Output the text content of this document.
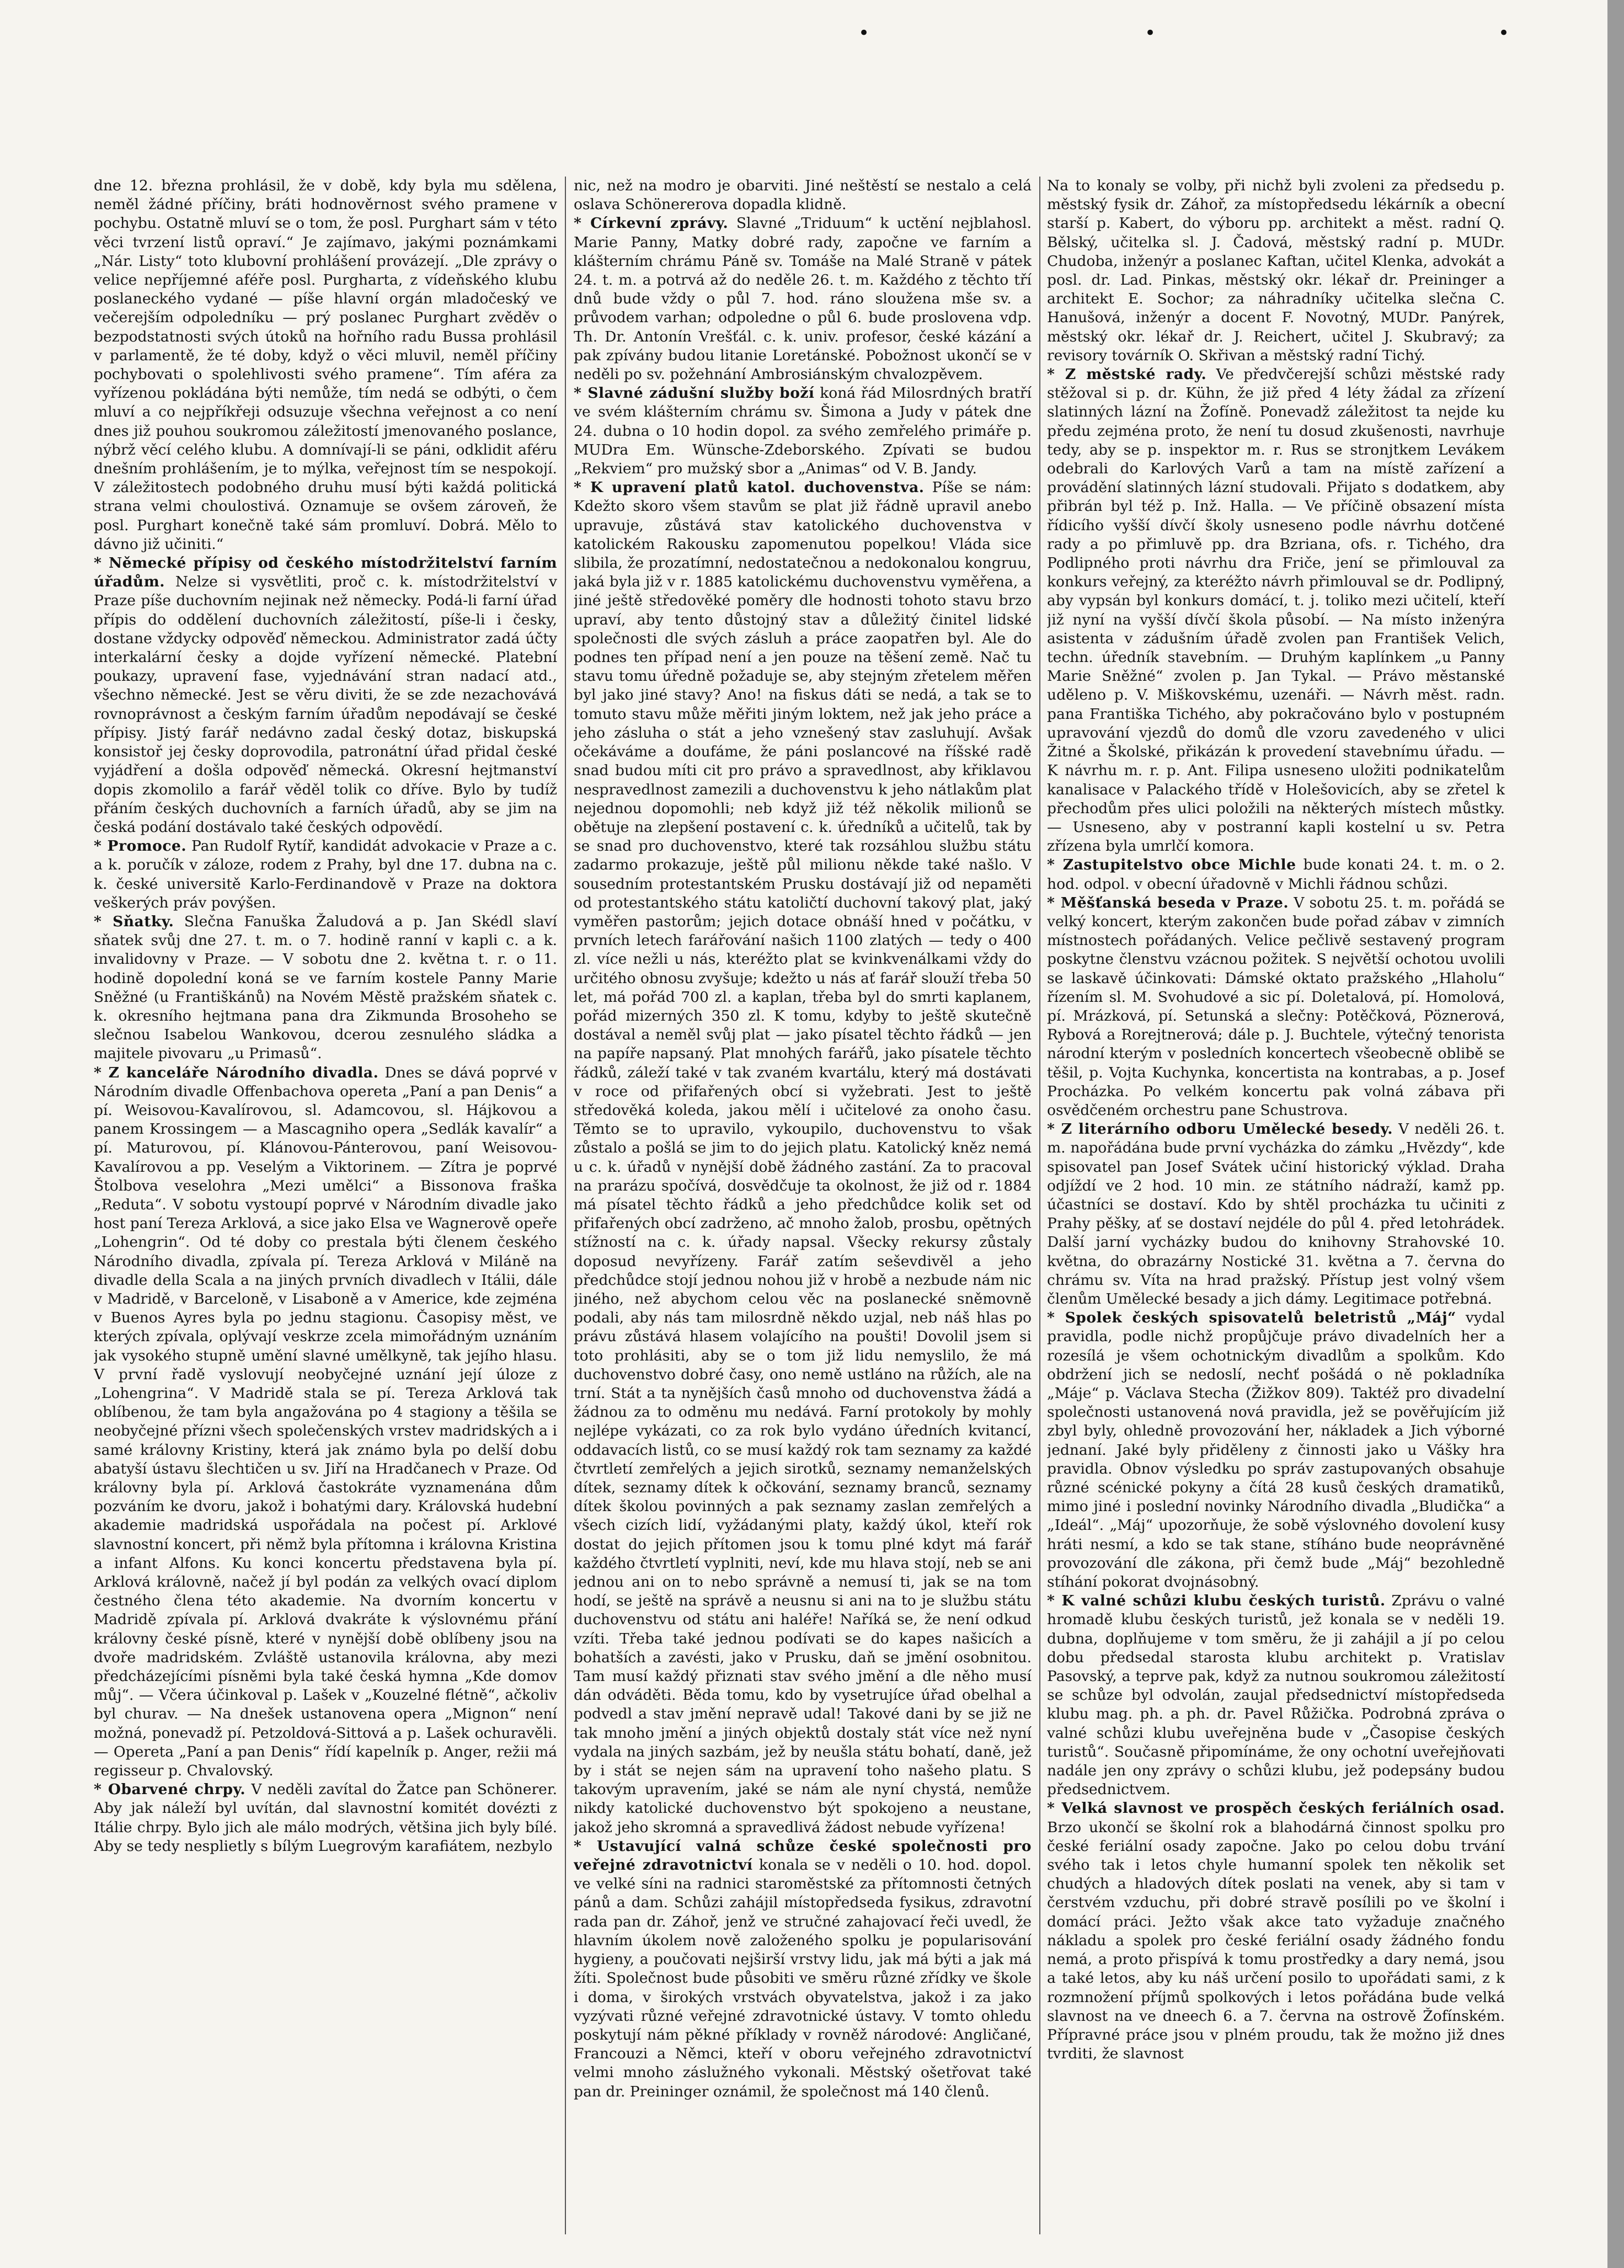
•	•	•

dne 12. března prohlásil, že v době, kdy byla mu sdělena, neměl žádné příčiny, bráti hodnověrnost svého pramene v pochybu. Ostatně mluví se o tom, že posl. Purghart sám v této věci tvrzení listů opraví.“ Je zajímavo, jakými poznámkami „Nár. Listy“ toto klubovní prohlášení provázejí. „Dle zprávy o velice nepříjemné aféře posl. Purgharta, z vídeňského klubu poslaneckého vydané — píše hlavní orgán mladočeský ve večerejším odpoledníku — prý poslanec Purghart zvěděv o bezpodstatnosti svých útoků na hořního radu Bussa prohlásil v parlamentě, že té doby, když o věci mluvil, neměl příčiny pochybovati o spolehlivosti svého pramene“. Tím aféra za vyřízenou pokládána býti nemůže, tím nedá se odbýti, o čem mluví a co nejpříkřeji odsuzuje všechna veřejnost a co není dnes již pouhou soukromou záležitostí jmenovaného poslance, nýbrž věcí celého klubu. A domnívají-li se páni, odklidit aféru dnešním prohlášením, je to mýlka, veřejnost tím se nespokojí. V záležitostech podobného druhu musí býti každá politická strana velmi choulostivá. Oznamuje se ovšem zároveň, že posl. Purghart konečně také sám promluví. Dobrá. Mělo to dávno již učiniti.“

* Německé přípisy od českého místodržitelství farním úřadům. Nelze si vysvětliti, proč c. k. místodržitelství v Praze píše duchovním nejinak než německy. Podá-li farní úřad přípis do oddělení duchovních záležitostí, píše-li i česky, dostane vždycky odpověď německou. Administrator zadá účty interkalární česky a dojde vyřízení německé. Platební poukazy, upravení fase, vyjednávání stran nadací atd., všechno německé. Jest se věru diviti, že se zde nezachovává rovnoprávnost a českým farním úřadům nepodávají se české přípisy. Jistý farář nedávno zadal český dotaz, biskupská konsistoř jej česky doprovodila, patronátní úřad přidal české vyjádření a došla odpověď německá. Okresní hejtmanství dopis zkomolilo a farář věděl tolik co dříve. Bylo by tudíž přáním českých duchovních a farních úřadů, aby se jim na česká podání dostávalo také českých odpovědí.

* Promoce. Pan Rudolf Rytíř, kandidát advokacie v Praze a c. a k. poručík v záloze, rodem z Prahy, byl dne 17. dubna na c. k. české universitě Karlo-Ferdinandově v Praze na doktora veškerých práv povýšen.

* Sňatky. Slečna Fanuška Žaludová a p. Jan Skédl slaví sňatek svůj dne 27. t. m. o 7. hodině ranní v kapli c. a k. invalidovny v Praze. — V sobotu dne 2. května t. r. o 11. hodině dopolední koná se ve farním kostele Panny Marie Sněžné (u Františkánů) na Novém Městě pražském sňatek c. k. okresního hejtmana pana dra Zikmunda Brosoheho se slečnou Isabelou Wankovou, dcerou zesnulého sládka a majitele pivovaru „u Primasů“.

* Z kanceláře Národního divadla. Dnes se dává poprvé v Národním divadle Offenbachova opereta „Paní a pan Denis“ a pí. Weisovou-Kavalírovou, sl. Adamcovou, sl. Hájkovou a panem Krossingem — a Mascagniho opera „Sedlák kavalír“ a pí. Maturovou, pí. Klánovou-Pánterovou, paní Weisovou-Kavalírovou a pp. Veselým a Viktorinem. — Zítra je poprvé Štolbova veselohra „Mezi umělci“ a Bissonova fraška „Reduta“. V sobotu vystoupí poprvé v Národním divadle jako host paní Tereza Arklová, a sice jako Elsa ve Wagnerově opeře „Lohengrin“. Od té doby co prestala býti členem českého Národního divadla, zpívala pí. Tereza Arklová v Miláně na divadle della Scala a na jiných prvních divadlech v Itálii, dále v Madridě, v Barceloně, v Lisaboně a v Americe, kde zejména v Buenos Ayres byla po jednu stagionu. Časopisy měst, ve kterých zpívala, oplývají veskrze zcela mimořádným uznáním jak vysokého stupně umění slavné umělkyně, tak jejího hlasu. V první řadě vyslovují neobyčejné uznání její úloze z „Lohengrina“. V Madridě stala se pí. Tereza Arklová tak oblíbenou, že tam byla angažována po 4 stagiony a těšila se neobyčejné přízni všech společenských vrstev madridských a i samé královny Kristiny, která jak známo byla po delší dobu abatyší ústavu šlechtičen u sv. Jiří na Hradčanech v Praze. Od královny byla pí. Arklová častokráte vyznamenána dům pozváním ke dvoru, jakož i bohatými dary. Královská hudební akademie madridská uspořádala na počest pí. Arklové slavnostní koncert, při němž byla přítomna i královna Kristina a infant Alfons. Ku konci koncertu představena byla pí. Arklová královně, načež jí byl podán za velkých ovací diplom čestného člena této akademie. Na dvorním koncertu v Madridě zpívala pí. Arklová dvakráte k výslovnému přání královny české písně, které v nynější době oblíbeny jsou na dvoře madridském. Zvláště ustanovila královna, aby mezi předcházejícími písněmi byla také česká hymna „Kde domov můj“. — Včera účinkoval p. Lašek v „Kouzelné flétně“, ačkoliv byl churav. — Na dnešek ustanovena opera „Mignon“ není možná, ponevadž pí. Petzoldová-Sittová a p. Lašek ochuravěli. — Opereta „Paní a pan Denis“ řídí kapelník p. Anger, režii má regisseur p. Chvalovský.

* Obarvené chrpy. V neděli zavítal do Žatce pan Schönerer. Aby jak náleží byl uvítán, dal slavnostní komitét dovézti z Itálie chrpy. Bylo jich ale málo modrých, většina jich byly bílé. Aby se tedy nesplietly s bílým Luegrovým karafiátem, nezbylo

nic, než na modro je obarviti. Jiné neštěstí se nestalo a celá oslava Schönererova dopadla klidně.

* Církevní zprávy. Slavné „Triduum“ k uctění nejblahosl. Marie Panny, Matky dobré rady, započne ve farním a klášterním chrámu Páně sv. Tomáše na Malé Straně v pátek 24. t. m. a potrvá až do neděle 26. t. m. Každého z těchto tří dnů bude vždy o půl 7. hod. ráno sloužena mše sv. a průvodem varhan; odpoledne o půl 6. bude proslovena vdp. Th. Dr. Antonín Vrešťál. c. k. univ. profesor, české kázání a pak zpívány budou litanie Loretánské. Pobožnost ukončí se v neděli po sv. požehnání Ambrosiánským chvalozpěvem.

* Slavné zádušní služby boží koná řád Milosrdných bratří ve svém klášterním chrámu sv. Šimona a Judy v pátek dne 24. dubna o 10 hodin dopol. za svého zemřelého primáře p. MUDra Em. Wünsche-Zdeborského. Zpívati se budou „Rekviem“ pro mužský sbor a „Animas“ od V. B. Jandy.

* K upravení platů katol. duchovenstva. Píše se nám: Kdežto skoro všem stavům se plat již řádně upravil anebo upravuje, zůstává stav katolického duchovenstva v katolickém Rakousku zapomenutou popelkou! Vláda sice slibila, že prozatímní, nedostatečnou a nedokonalou kongruu, jaká byla již v r. 1885 katolickému duchovenstvu vyměřena, a jiné ještě středověké poměry dle hodnosti tohoto stavu brzo upraví, aby tento důstojný stav a důležitý činitel lidské společnosti dle svých zásluh a práce zaopatřen byl. Ale do podnes ten případ není a jen pouze na těšení země. Nač tu stavu tomu úředně požaduje se, aby stejným zřetelem měřen byl jako jiné stavy? Ano! na fiskus dáti se nedá, a tak se to tomuto stavu může měřiti jiným loktem, než jak jeho práce a jeho zásluha o stát a jeho vznešený stav zasluhují. Avšak očekáváme a doufáme, že páni poslancové na říšské radě snad budou míti cit pro právo a spravedlnost, aby křiklavou nespravedlnost zamezili a duchovenstvu k jeho nátlakům plat nejednou dopomohli; neb když již též několik milionů se obětuje na zlepšení postavení c. k. úředníků a učitelů, tak by se snad pro duchovenstvo, které tak rozsáhlou službu státu zadarmo prokazuje, ještě půl milionu někde také našlo. V sousedním protestantském Prusku dostávají již od nepaměti od protestantského státu katoličtí duchovní takový plat, jaký vyměřen pastorům; jejich dotace obnáší hned v počátku, v prvních letech farářování našich 1100 zlatých — tedy o 400 zl. více nežli u nás, kteréžto plat se kvinkvenálkami vždy do určitého obnosu zvyšuje; kdežto u nás ať farář slouží třeba 50 let, má pořád 700 zl. a kaplan, třeba byl do smrti kaplanem, pořád mizerných 350 zl. K tomu, kdyby to ještě skutečně dostával a neměl svůj plat — jako písatel těchto řádků — jen na papíře napsaný. Plat mnohých farářů, jako písatele těchto řádků, záleží také v tak zvaném kvartálu, který má dostávati v roce od přifařených obcí si vyžebrati. Jest to ještě středověká koleda, jakou mělí i učitelové za onoho času. Těmto se to upravilo, vykoupilo, duchovenstvu to však zůstalo a pošlá se jim to do jejich platu. Katolický kněz nemá u c. k. úřadů v nynější době žádného zastání. Za to pracoval na prarázu spočívá, dosvědčuje ta okolnost, že již od r. 1884 má písatel těchto řádků a jeho předchůdce kolik set od přifařených obcí zadrženo, ač mnoho žalob, prosbu, opětných stížností na c. k. úřady napsal. Všecky rekursy zůstaly doposud nevyřízeny. Farář zatím seševdivěl a jeho předchůdce stojí jednou nohou již v hrobě a nezbude nám nic jiného, než abychom celou věc na poslanecké sněmovně podali, aby nás tam milosrdně někdo uzjal, neb náš hlas po právu zůstává hlasem volajícího na poušti! Dovolil jsem si toto prohlásiti, aby se o tom již lidu nemyslilo, že má duchovenstvo dobré časy, ono nemě ustláno na růžích, ale na trní. Stát a ta nynějších časů mnoho od duchovenstva žádá a žádnou za to odměnu mu nedává. Farní protokoly by mohly nejlépe vykázati, co za rok bylo vydáno úředních kvitancí, oddavacích listů, co se musí každý rok tam seznamy za každé čtvrtletí zemřelých a jejich sirotků, seznamy nemanželských dítek, seznamy dítek k očkování, seznamy branců, seznamy dítek školou povinných a pak seznamy zaslan zemřelých a všech cizích lidí, vyžádanými platy, každý úkol, kteří rok dostat do jejich přítomen jsou k tomu plné kdyt má farář každého čtvrtletí vyplniti, neví, kde mu hlava stojí, neb se ani jednou ani on to nebo správně a nemusí ti, jak se na tom hodí, se ještě na správě a neusnu si ani na to je službu státu duchovenstvu od státu ani haléře! Naříká se, že není odkud vzíti. Třeba také jednou podívati se do kapes našicích a bohatších a zavésti, jako v Prusku, daň se jmění osobnitou. Tam musí každý přiznati stav svého jmění a dle něho musí dán odváděti. Běda tomu, kdo by vysetrujíce úřad obelhal a podvedl a stav jmění nepravě udal! Takové dani by se již ne tak mnoho jmění a jiných objektů dostaly stát více než nyní vydala na jiných sazbám, jež by neušla státu bohatí, daně, jež by i stát se nejen sám na upravení toho našeho platu. S takovým upravením, jaké se nám ale nyní chystá, nemůže nikdy katolické duchovenstvo být spokojeno a neustane, jakož jeho skromná a spravedlivá žádost nebude vyřízena!

* Ustavující valná schůze české společnosti pro veřejné zdravotnictví konala se v neděli o 10. hod. dopol. ve velké síni na radnici staroměstské za přítomnosti četných pánů a dam. Schůzi zahájil místopředseda fysikus, zdravotní rada pan dr. Záhoř, jenž ve stručné zahajovací řeči uvedl, že hlavním úkolem nově založeného spolku je popularisování hygieny, a poučovati nejširší vrstvy lidu, jak má býti a jak má žíti. Společnost bude působiti ve směru různé zřídky ve škole i doma, v širokých vrstvách obyvatelstva, jakož i za jako vyzývati různé veřejné zdravotnické ústavy. V tomto ohledu poskytují nám pěkné příklady v rovněž národové: Angličané, Francouzi a Němci, kteří v oboru veřejného zdravotnictví velmi mnoho záslužného vykonali. Městský ošetřovat také pan dr. Preininger oznámil, že společnost má 140 členů.

Na to konaly se volby, při nichž byli zvoleni za předsedu p. městský fysik dr. Záhoř, za místopředsedu lékárník a obecní starší p. Kabert, do výboru pp. architekt a měst. radní Q. Bělský, učitelka sl. J. Čadová, městský radní p. MUDr. Chudoba, inženýr a poslanec Kaftan, učitel Klenka, advokát a posl. dr. Lad. Pinkas, městský okr. lékař dr. Preininger a architekt E. Sochor; za náhradníky učitelka slečna C. Hanušová, inženýr a docent F. Novotný, MUDr. Panýrek, městský okr. lékař dr. J. Reichert, učitel J. Skubravý; za revisory továrník O. Skřivan a městský radní Tichý.

* Z městské rady. Ve předvčerejší schůzi městské rady stěžoval si p. dr. Kühn, že již před 4 léty žádal za zřízení slatinných lázní na Žofíně. Ponevadž záležitost ta nejde ku předu zejména proto, že není tu dosud zkušenosti, navrhuje tedy, aby se p. inspektor m. r. Rus se stronjtkem Levákem odebrali do Karlových Varů a tam na místě zařízení a provádění slatinných lázní studovali. Přijato s dodatkem, aby přibrán byl též p. Inž. Halla. — Ve příčině obsazení místa řídicího vyšší dívčí školy usneseno podle návrhu dotčené rady a po přimluvě pp. dra Bzriana, ofs. r. Tichého, dra Podlipného proti návrhu dra Friče, jení se přimlouval za konkurs veřejný, za kteréžto návrh přimlouval se dr. Podlipný, aby vypsán byl konkurs domácí, t. j. toliko mezi učitelí, kteří již nyní na vyšší dívčí škola působí. — Na místo inženýra asistenta v zádušním úřadě zvolen pan František Velich, techn. úředník stavebním. — Druhým kaplínkem „u Panny Marie Sněžné“ zvolen p. Jan Tykal. — Právo městanské uděleno p. V. Miškovskému, uzenáři. — Návrh měst. radn. pana Františka Tichého, aby pokračováno bylo v postupném upravování vjezdů do domů dle vzoru zavedeného v ulici Žitné a Školské, přikázán k provedení stavebnímu úřadu. — K návrhu m. r. p. Ant. Filipa usneseno uložiti podnikatelům kanalisace v Palackého třídě v Holešovicích, aby se zřetel k přechodům přes ulici položili na některých místech můstky. — Usneseno, aby v postranní kapli kostelní u sv. Petra zřízena byla umrlčí komora.

* Zastupitelstvo obce Michle bude konati 24. t. m. o 2. hod. odpol. v obecní úřadovně v Michli řádnou schůzi.

* Měšťanská beseda v Praze. V sobotu 25. t. m. pořádá se velký koncert, kterým zakončen bude pořad zábav v zimních místnostech pořádaných. Velice pečlivě sestavený program poskytne členstvu vzácnou požitek. S největší ochotou uvolili se laskavě účinkovati: Dámské oktato pražského „Hlaholu“ řízením sl. M. Svohudové a sic pí. Doletalová, pí. Homolová, pí. Mrázková, pí. Setunská a slečny: Potěčková, Pöznerová, Rybová a Rorejtnerová; dále p. J. Buchtele, výtečný tenorista národní kterým v posledních koncertech všeobecně oblibě se těšil, p. Vojta Kuchynka, koncertista na kontrabas, a p. Josef Procházka. Po velkém koncertu pak volná zábava při osvědčeném orchestru pane Schustrova.

* Z literárního odboru Umělecké besedy. V neděli 26. t. m. napořádána bude první vycházka do zámku „Hvězdy“, kde spisovatel pan Josef Svátek učiní historický výklad. Draha odjíždí ve 2 hod. 10 min. ze státního nádraží, kamž pp. účastníci se dostaví. Kdo by shtěl procházka tu učiniti z Prahy pěšky, ať se dostaví nejdéle do půl 4. před letohrádek. Další jarní vycházky budou do knihovny Strahovské 10. května, do obrazárny Nostické 31. května a 7. června do chrámu sv. Víta na hrad pražský. Přístup jest volný všem členům Umělecké besady a jich dámy. Legitimace potřebná.

* Spolek českých spisovatelů beletristů „Máj“ vydal pravidla, podle nichž propůjčuje právo divadelních her a rozesílá je všem ochotnickým divadlům a spolkům. Kdo obdržení jich se nedoslí, nechť pošádá o ně pokladníka „Máje“ p. Václava Stecha (Žižkov 809). Taktéž pro divadelní společnosti ustanovená nová pravidla, jež se pověřujícím již zbyl byly, ohledně provozování her, nákladek a Jich výborné jednaní. Jaké byly přiděleny z činnosti jako u Vášky hra pravidla. Obnov výsledku po správ zastupovaných obsahuje různé scénické pokyny a čítá 28 kusů českých dramatiků, mimo jiné i poslední novinky Národního divadla „Bludička“ a „Ideál“. „Máj“ upozorňuje, že sobě výslovného dovolení kusy hráti nesmí, a kdo se tak stane, stíháno bude neoprávněné provozování dle zákona, při čemž bude „Máj“ bezohledně stíhání pokorat dvojnásobný.

* K valné schůzi klubu českých turistů. Zprávu o valné hromadě klubu českých turistů, jež konala se v neděli 19. dubna, doplňujeme v tom směru, že ji zahájil a jí po celou dobu předsedal starosta klubu architekt p. Vratislav Pasovský, a teprve pak, když za nutnou soukromou záležitostí se schůze byl odvolán, zaujal předsednictví místopředseda klubu mag. ph. a ph. dr. Pavel Růžička. Podrobná zpráva o valné schůzi klubu uveřejněna bude v „Časopise českých turistů“. Současně připomínáme, že ony ochotní uveřejňovati nadále jen ony zprávy o schůzi klubu, jež podepsány budou předsednictvem.

* Velká slavnost ve prospěch českých feriálních osad. Brzo ukončí se školní rok a blahodárná činnost spolku pro české feriální osady započne. Jako po celou dobu trvání svého tak i letos chyle humanní spolek ten několik set chudých a hladových dítek poslati na venek, aby si tam v čerstvém vzduchu, při dobré stravě posílili po ve školní i domácí práci. Ježto však akce tato vyžaduje značného nákladu a spolek pro české feriální osady žádného fondu nemá, a proto přispívá k tomu prostředky a dary nemá, jsou a také letos, aby ku náš určení posilo to upořádati sami, z k rozmnožení příjmů spolkových i letos pořádána bude velká slavnost na ve dneech 6. a 7. června na ostrově Žofínském. Přípravné práce jsou v plném proudu, tak že možno již dnes tvrditi, že slavnost
